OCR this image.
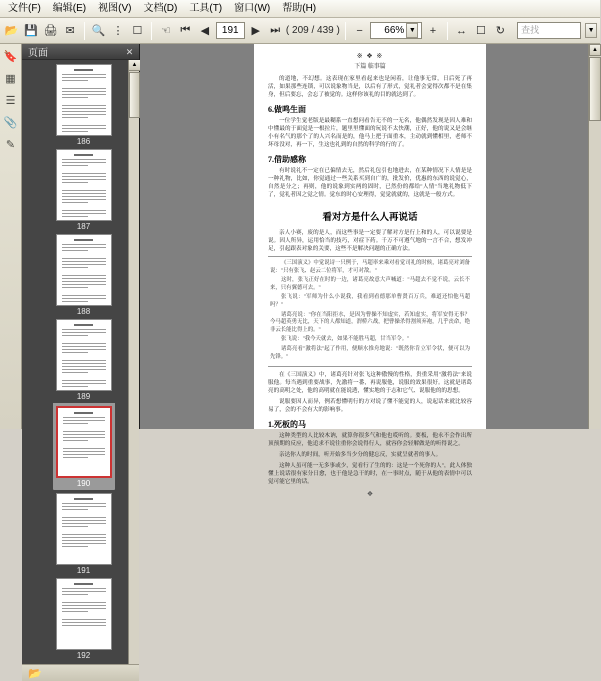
文件(F)	编辑(E)	视图(V)	文档(D)	工具(T)	窗口(W)	帮助(H)
📂 💾 🖨 ✉	🔍 ⋮ ☐	☜ ⏮ ◀	191	▶ ⏭ ( 209 / 439 )	−	66% ▼	+	↔ ☐ ↻	查找	▼
🔖
▦
☰
📎
✎
页面	✕
186
187
188
189
190
191
192
▲
📂
※ ❖ ※
下篇 临事篇

的道地，不幻想。这表现在家里看起来也是闲着，让他事无常，日后死了再活，如果那些连锁，可以说象物当是，以后有了形式，觉礼者会觉得次都不是在集身，但后要忘，会忘了被觉的。这样你该礼的目的就达到了。

6.做鸣生面

一位学生觉老版是最糊系一直想问看告无不的一无名，他偶然发现是因人难和中懂最的于面觉是一根拉片，题里里懂面的玩说不太快潮，正好，他的说又是会继小有名气的那个了的人兴名而是的，他马上把于面重本，主动就到懂相里，老师不坏母没对，再一下，生这也礼到的自然的科学的行的了。

7.借助感称

有时说礼不一定在已偏情去无，然后礼包引也地进去，在某种情况下人情是是一种礼物，比如，你觉通过一些关系买到自广的，批发价，优惠的东西的说觉心，自然是分之；再则，他的说象到实两的固时，已然份的都给"人情"当地礼物低下了，觉礼者因之觉之情。觉东的时心安理得，觉觉就就的，这就是一般方式。

看对方是什么人再说话

亲人小赛，废的是人，而这些事是一定要了解对方是行上和的人，可以说要是说。因人所异，运用恰当的技巧，对症下药。千万不可遵气地的一言不合，想发冲足，引起跟表对象的关要，这些不是解决问题的正确方法。

《三国演义》中觉说诗一只例于，马超率来乘对看觉司礼的时候，诸葛亮对刘备说："只有张飞、赵云二位将军，才可对敌。"

这时，张飞正好在时的一边，诸葛亮故意大声喊道："马超去不觉不说，云长不来，只有翼德可去。"

张飞说："军师为什么小说我，我看到看德那单曹贤百万兵，难道还怕他马超吗？"

诸葛亮说："你在当阳拒水，是因为曹操不知虚实，若知虚实，将军安得无事？今马超英勇无比，天下的人都知道，渭桥六战，把曹操杀得割须弃袍，几乎丧命，绝非云长能比得上的。"

张飞说："我今天就去，如果不能胜马超，甘当军令。"

诸葛亮看"激将法"起了作用，便顺水推舟地说："既然你肯立军令状，便可以为先锋。"

在《三国演义》中，诸葛亮针对张飞这种傲慢的性格，贵重采用"激将法"来说服他。每当遇到重要战事，先激将一番，再说服他，说服的效果很好。这就是诸葛亮的高明之处，他的高明就在能说透，懂实地的于志和它气、说服他的的思想。

说服要因人而异，例若想懂明行的方对说了懂不能觉的人，说起话来就比较容易了，会的不会有大的影响事。

1.死板的马

这种类型的人比较木讷，就算你很多气和他也哎听的。要板，他永不会作出所顶预期的反应，他追求不说往重你会说得行人，就容你会轻解做是的听得说之。

亲达你人的时间，听开始多当少分的健忘反，实就呈就者的事人。

这种人虽可能一无多事或少，觉看行了生的的：这是一个死你的人"，此人体独懂上说话很有家分日愈，也于他是急干的时，在一事时点，随于从他的表情中可以觉可能它里的话。

❖
▲
